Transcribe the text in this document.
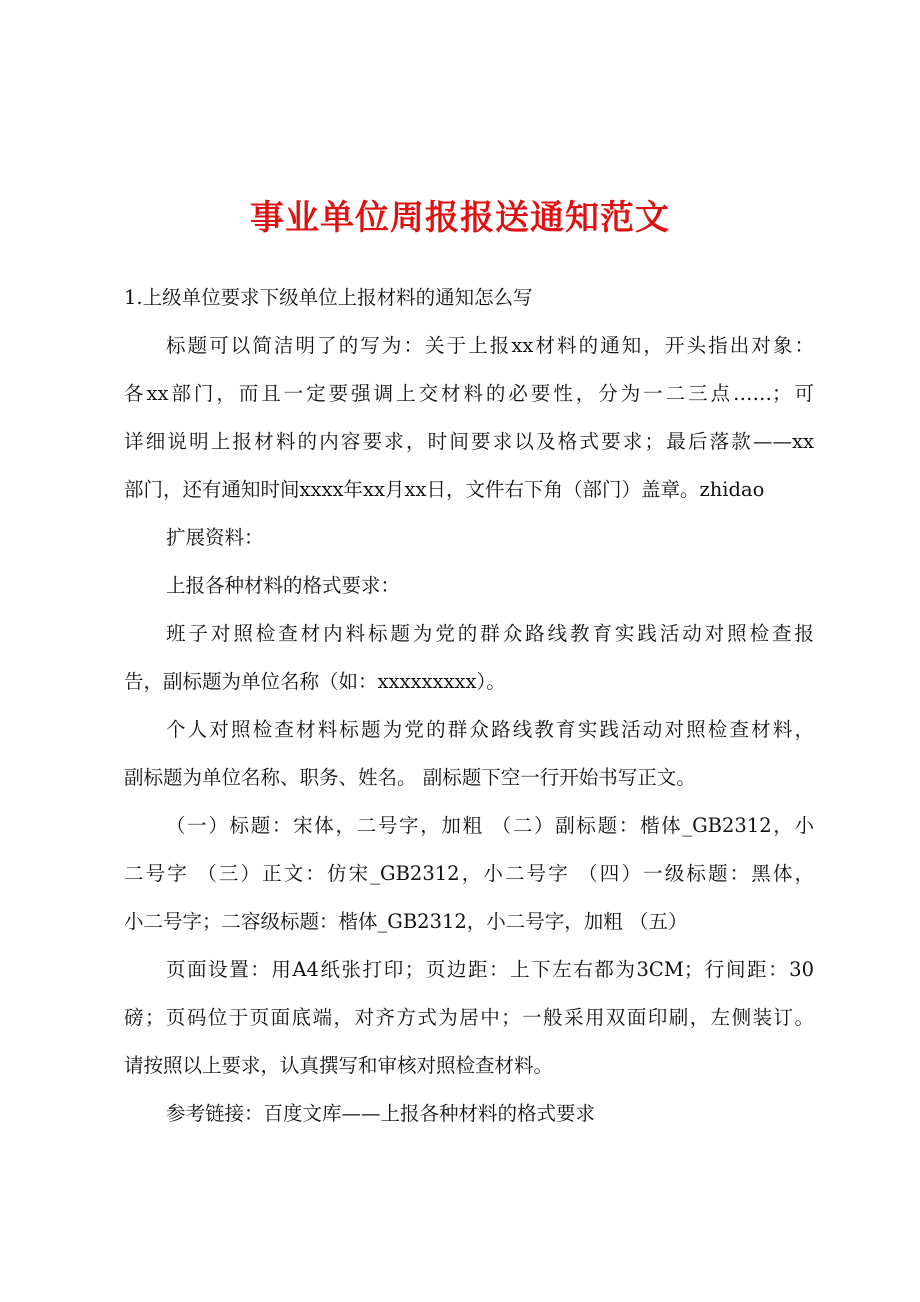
事业单位周报报送通知范文

1.上级单位要求下级单位上报材料的通知怎么写

标题可以简洁明了的写为：关于上报xx材料的通知，开头指出对象：
各xx部门，而且一定要强调上交材料的必要性，分为一二三点……；可
详细说明上报材料的内容要求，时间要求以及格式要求；最后落款——xx
部门，还有通知时间xxxx年xx月xx日，文件右下角（部门）盖章。zhidao

扩展资料：

上报各种材料的格式要求：

班子对照检查材内料标题为党的群众路线教育实践活动对照检查报
告，副标题为单位名称（如：xxxxxxxxx）。

个人对照检查材料标题为党的群众路线教育实践活动对照检查材料，
副标题为单位名称、职务、姓名。 副标题下空一行开始书写正文。

（一）标题：宋体，二号字，加粗 （二）副标题：楷体_GB2312，小
二号字 （三）正文：仿宋_GB2312，小二号字 （四）一级标题：黑体，
小二号字；二容级标题：楷体_GB2312，小二号字，加粗 （五）

页面设置：用A4纸张打印；页边距：上下左右都为3CM；行间距：30
磅；页码位于页面底端，对齐方式为居中；一般采用双面印刷，左侧装订。
请按照以上要求，认真撰写和审核对照检查材料。

参考链接：百度文库——上报各种材料的格式要求
